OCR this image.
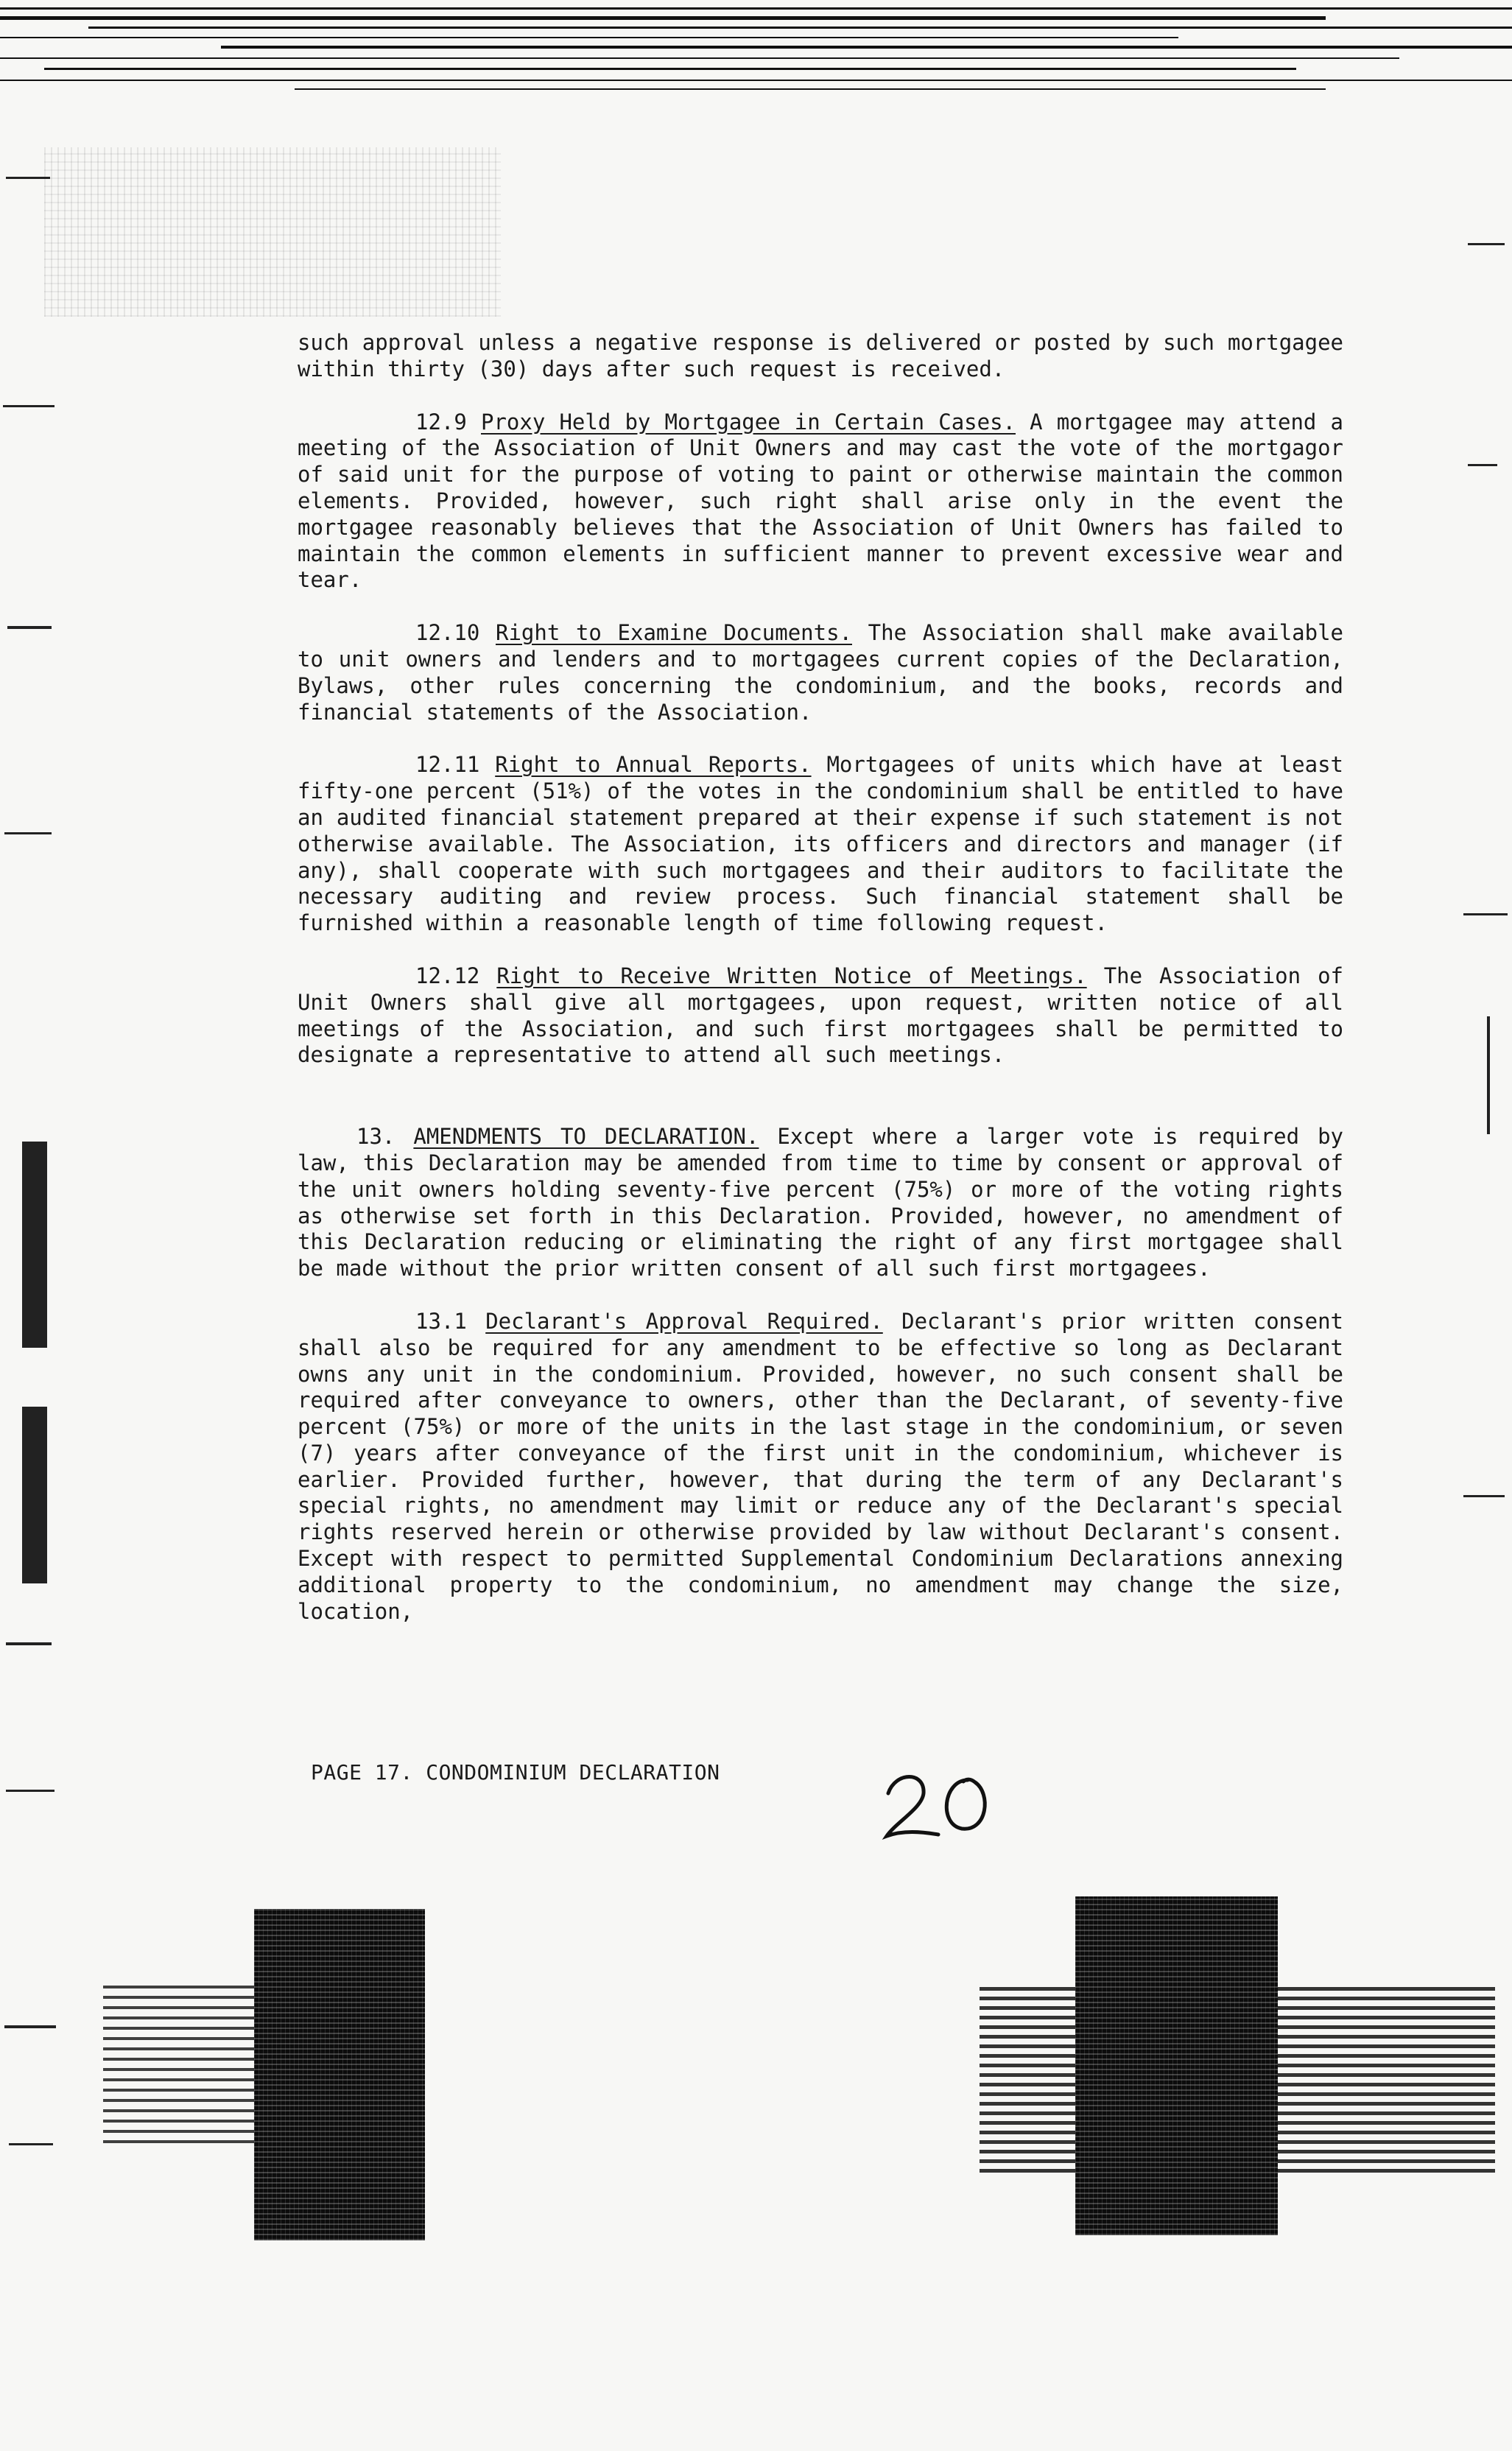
such approval unless a negative response is delivered or posted by such mortgagee within thirty (30) days after such request is received.

12.9 Proxy Held by Mortgagee in Certain Cases. A mortgagee may attend a meeting of the Association of Unit Owners and may cast the vote of the mortgagor of said unit for the purpose of voting to paint or otherwise maintain the common elements. Provided, however, such right shall arise only in the event the mortgagee reasonably believes that the Association of Unit Owners has failed to maintain the common elements in sufficient manner to prevent excessive wear and tear.

12.10 Right to Examine Documents. The Association shall make available to unit owners and lenders and to mortgagees current copies of the Declaration, Bylaws, other rules concerning the condominium, and the books, records and financial statements of the Association.

12.11 Right to Annual Reports. Mortgagees of units which have at least fifty-one percent (51%) of the votes in the condominium shall be entitled to have an audited financial statement prepared at their expense if such statement is not otherwise available. The Association, its officers and directors and manager (if any), shall cooperate with such mortgagees and their auditors to facilitate the necessary auditing and review process. Such financial statement shall be furnished within a reasonable length of time following request.

12.12 Right to Receive Written Notice of Meetings. The Association of Unit Owners shall give all mortgagees, upon request, written notice of all meetings of the Association, and such first mortgagees shall be permitted to designate a representative to attend all such meetings.

13. AMENDMENTS TO DECLARATION. Except where a larger vote is required by law, this Declaration may be amended from time to time by consent or approval of the unit owners holding seventy-five percent (75%) or more of the voting rights as otherwise set forth in this Declaration. Provided, however, no amendment of this Declaration reducing or eliminating the right of any first mortgagee shall be made without the prior written consent of all such first mortgagees.

13.1 Declarant's Approval Required. Declarant's prior written consent shall also be required for any amendment to be effective so long as Declarant owns any unit in the condominium. Provided, however, no such consent shall be required after conveyance to owners, other than the Declarant, of seventy-five percent (75%) or more of the units in the last stage in the condominium, or seven (7) years after conveyance of the first unit in the condominium, whichever is earlier. Provided further, however, that during the term of any Declarant's special rights, no amendment may limit or reduce any of the Declarant's special rights reserved herein or otherwise provided by law without Declarant's consent. Except with respect to permitted Supplemental Condominium Declarations annexing additional property to the condominium, no amendment may change the size, location,

PAGE 17. CONDOMINIUM DECLARATION
